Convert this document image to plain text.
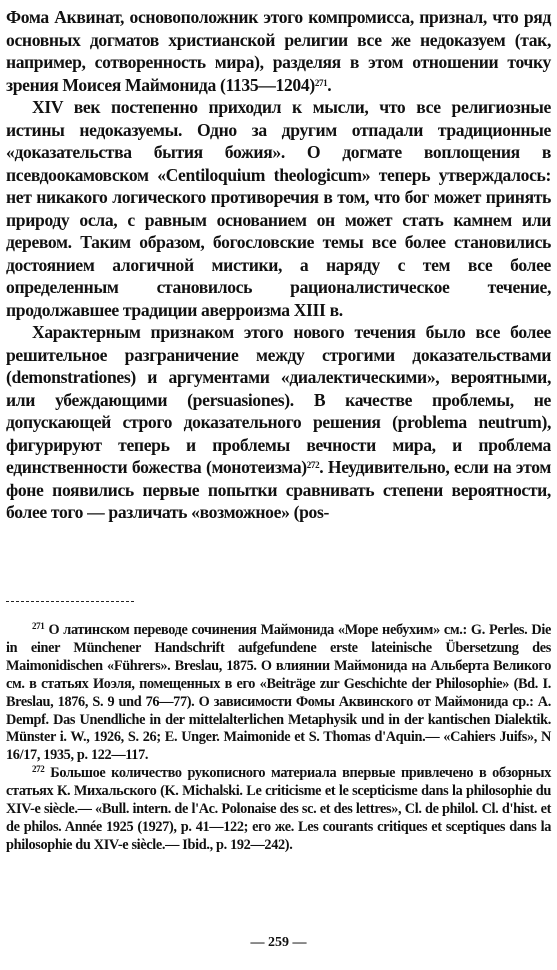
Фома Аквинат, основоположник этого компромисса, признал, что ряд основных догматов христианской религии все же недоказуем (так, например, сотворенность мира), разделяя в этом отношении точку зрения Моисея Маймонида (1135—1204)$^{271}$.

XIV век постепенно приходил к мысли, что все религиозные истины недоказуемы. Одно за другим отпадали традиционные «доказательства бытия божия». О догмате воплощения в псевдоокамовском «Centiloquium theologicum» теперь утверждалось: нет никакого логического противоречия в том, что бог может принять природу осла, с равным основанием он может стать камнем или деревом. Таким образом, богословские темы все более становились достоянием алогичной мистики, а наряду с тем все более определенным становилось рационалистическое течение, продолжавшее традиции аверроизма XIII в.

Характерным признаком этого нового течения было все более решительное разграничение между строгими доказательствами (demonstrationes) и аргументами «диалектическими», вероятными, или убеждающими (persuasiones). В качестве проблемы, не допускающей строго доказательного решения (problema neutrum), фигурируют теперь и проблемы вечности мира, и проблема единственности божества (монотеизма)$^{272}$. Неудивительно, если на этом фоне появились первые попытки сравнивать степени вероятности, более того — различать «возможное» (pos-

$^{271}$ О латинском переводе сочинения Маймонида «Море небухим» см.: G. Perles. Die in einer Münchener Handschrift aufgefundene erste lateinische Übersetzung des Maimonidischen «Führers». Breslau, 1875. О влиянии Маймонида на Альберта Великого см. в статьях Иоэля, помещенных в его «Beiträge zur Geschichte der Philosophie» (Bd. I. Breslau, 1876, S. 9 und 76—77). О зависимости Фомы Аквинского от Маймонида ср.: A. Dempf. Das Unendliche in der mittelalterlichen Metaphysik und in der kantischen Dialektik. Münster i. W., 1926, S. 26; E. Unger. Maimonide et S. Thomas d'Aquin.— «Cahiers Juifs», N 16/17, 1935, p. 122—117.

$^{272}$ Большое количество рукописного материала впервые привлечено в обзорных статьях К. Михальского (K. Michalski. Le criticisme et le scepticisme dans la philosophie du XIV-e siècle.— «Bull. intern. de l'Ac. Polonaise des sc. et des lettres», Cl. de philol. Cl. d'hist. et de philos. Année 1925 (1927), p. 41—122; его же. Les courants critiques et sceptiques dans la philosophie du XIV-e siècle.— Ibid., p. 192—242).

— 259 —
